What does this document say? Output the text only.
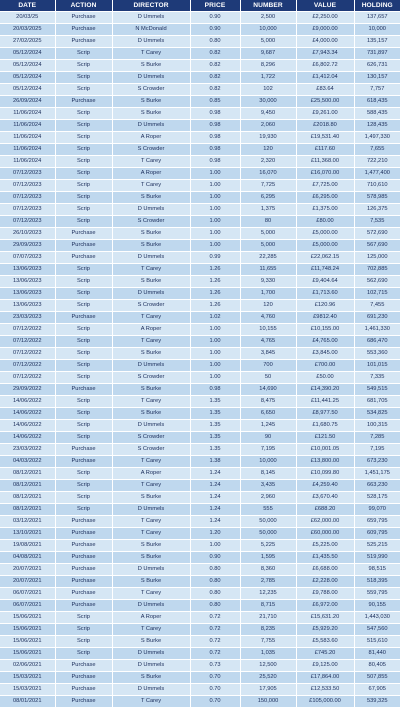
DATE	ACTION	DIRECTOR	PRICE	NUMBER	VALUE	HOLDING
20/03/25	Purchase	D Ummels	0.90	2,500	£2,250.00	137,657
20/03/2025	Purchase	N McDonald	0.90	10,000	£9,000.00	10,000
27/02/2025	Purchase	D Ummels	0.80	5,000	£4,000.00	135,157
05/12/2024	Scrip	T Carey	0.82	9,687	£7,943.34	731,897
05/12/2024	Scrip	S Burke	0.82	8,296	£6,802.72	626,731
05/12/2024	Scrip	D Ummels	0.82	1,722	£1,412.04	130,157
05/12/2024	Scrip	S Crowder	0.82	102	£83.64	7,757
26/09/2024	Purchase	S Burke	0.85	30,000	£25,500.00	618,435
11/06/2024	Scrip	S Burke	0.98	9,450	£9,261.00	588,435
11/06/2024	Scrip	D Ummels	0.98	2,060	£2018.80	128,435
11/06/2024	Scrip	A Roper	0.98	19,930	£19,531.40	1,497,330
11/06/2024	Scrip	S Crowder	0.98	120	£117.60	7,655
11/06/2024	Scrip	T Carey	0.98	2,320	£11,368.00	722,210
07/12/2023	Scrip	A Roper	1.00	16,070	£16,070.00	1,477,400
07/12/2023	Scrip	T Carey	1.00	7,725	£7,725.00	710,610
07/12/2023	Scrip	S Burke	1.00	6,295	£6,295.00	578,985
07/12/2023	Scrip	D Ummels	1.00	1,375	£1,375.00	126,375
07/12/2023	Scrip	S Crowder	1.00	80	£80.00	7,535
26/10/2023	Purchase	S Burke	1.00	5,000	£5,000.00	572,690
29/09/2023	Purchase	S Burke	1.00	5,000	£5,000.00	567,690
07/07/2023	Purchase	D Ummels	0.99	22,285	£22,062.15	125,000
13/06/2023	Scrip	T Carey	1.26	11,655	£11,748.24	702,885
13/06/2023	Scrip	S Burke	1.26	9,330	£9,404.64	562,690
13/06/2023	Scrip	D Ummels	1.26	1,700	£1,713.60	102,715
13/06/2023	Scrip	S Crowder	1.26	120	£120.96	7,455
23/03/2023	Purchase	T Carey	1.02	4,760	£9812.40	691,230
07/12/2022	Scrip	A Roper	1.00	10,155	£10,155.00	1,461,330
07/12/2022	Scrip	T Carey	1.00	4,765	£4,765.00	686,470
07/12/2022	Scrip	S Burke	1.00	3,845	£3,845.00	553,360
07/12/2022	Scrip	D Ummels	1.00	700	£700.00	101,015
07/12/2022	Scrip	S Crowder	1.00	50	£50.00	7,335
29/09/2022	Purchase	S Burke	0.98	14,690	£14,390.20	549,515
14/06/2022	Scrip	T Carey	1.35	8,475	£11,441.25	681,705
14/06/2022	Scrip	S Burke	1.35	6,650	£8,977.50	534,825
14/06/2022	Scrip	D Ummels	1.35	1,245	£1,680.75	100,315
14/06/2022	Scrip	S Crowder	1.35	90	£121.50	7,285
23/03/2022	Purchase	S Crowder	1.35	7,195	£10,001.05	7,195
04/03/2022	Purchase	T Carey	1.38	10,000	£13,800.00	673,230
08/12/2021	Scrip	A Roper	1.24	8,145	£10,099.80	1,451,175
08/12/2021	Scrip	T Carey	1.24	3,435	£4,259.40	663,230
08/12/2021	Scrip	S Burke	1.24	2,960	£3,670.40	528,175
08/12/2021	Scrip	D Ummels	1.24	555	£688.20	99,070
03/12/2021	Purchase	T Carey	1.24	50,000	£62,000.00	659,795
13/10/2021	Purchase	T Carey	1.20	50,000	£60,000.00	609,795
19/08/2021	Purchase	S Burke	1.00	5,225	£5,225.00	525,215
04/08/2021	Purchase	S Burke	0.90	1,595	£1,435.50	519,990
20/07/2021	Purchase	D Ummels	0.80	8,360	£6,688.00	98,515
20/07/2021	Purchase	S Burke	0.80	2,785	£2,228.00	518,395
06/07/2021	Purchase	T Carey	0.80	12,235	£9,788.00	559,795
06/07/2021	Purchase	D Ummels	0.80	8,715	£6,972.00	90,155
15/06/2021	Scrip	A Roper	0.72	21,710	£15,631.20	1,443,030
15/06/2021	Scrip	T Carey	0.72	8,235	£5,929.20	547,560
15/06/2021	Scrip	S Burke	0.72	7,755	£5,583.60	515,610
15/06/2021	Scrip	D Ummels	0.72	1,035	£745.20	81,440
02/06/2021	Purchase	D Ummels	0.73	12,500	£9,125.00	80,405
15/03/2021	Purchase	S Burke	0.70	25,520	£17,864.00	507,855
15/03/2021	Purchase	D Ummels	0.70	17,905	£12,533.50	67,905
08/01/2021	Purchase	T Carey	0.70	150,000	£105,000.00	539,325
